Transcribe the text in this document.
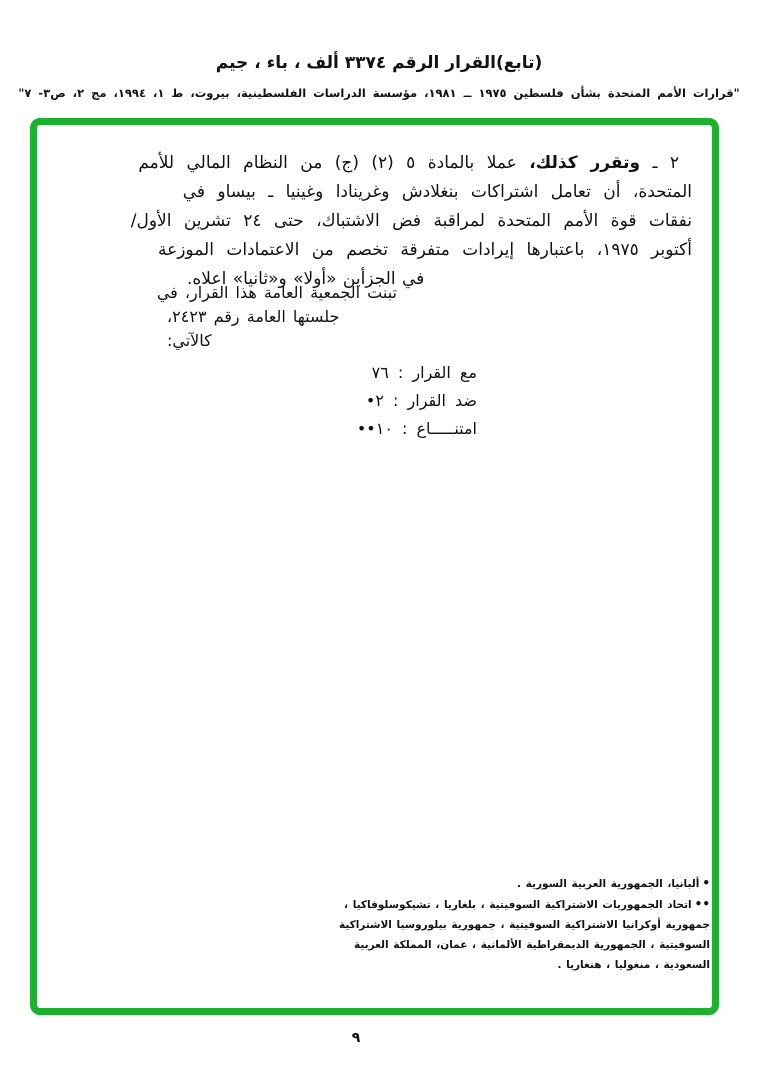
(تابع)القرار الرقم ٣٣٧٤ ألف ، باء ، جيم
"قرارات الأمم المتحدة بشأن فلسطين ١٩٧٥ ــ ١٩٨١، مؤسسة الدراسات الفلسطينية، بيروت، ط ١، ١٩٩٤، مج ٢، ص٣- ٧"
٢ ـ وتقرر كذلك، عملا بالمادة ٥ (٢) (ج) من النظام المالي للأمم
المتحدة، أن تعامل اشتراكات بنغلادش وغرينادا وغينيا ـ بيساو في
نفقات قوة الأمم المتحدة لمراقبة فض الاشتباك، حتى ٢٤ تشرين الأول/
أكتوبر ١٩٧٥، باعتبارها إيرادات متفرقة تخصم من الاعتمادات الموزعة
في الجزأين «أولا» و«ثانيا» اعلاه.
تبنت الجمعية العامة هذا القرار، في
جلستها العامة رقم ٢٤٢٣،
كالآتي:
مع القرار : ٧٦
ضد القرار : ٢•
امتنـــــاع : ١٠••
•ألبانيا، الجمهورية العربية السورية .
••اتحاد الجمهوريات الاشتراكية السوفيتية ، بلغاريا ، تشيكوسلوفاكيا ، جمهورية أوكرانيا الاشتراكية السوفيتية ، جمهورية بيلوروسيا الاشتراكية السوفيتية ، الجمهورية الديمقراطية الألمانية ، عمان، المملكة العربية السعودية ، منغوليا ، هنغاريا .
٩
